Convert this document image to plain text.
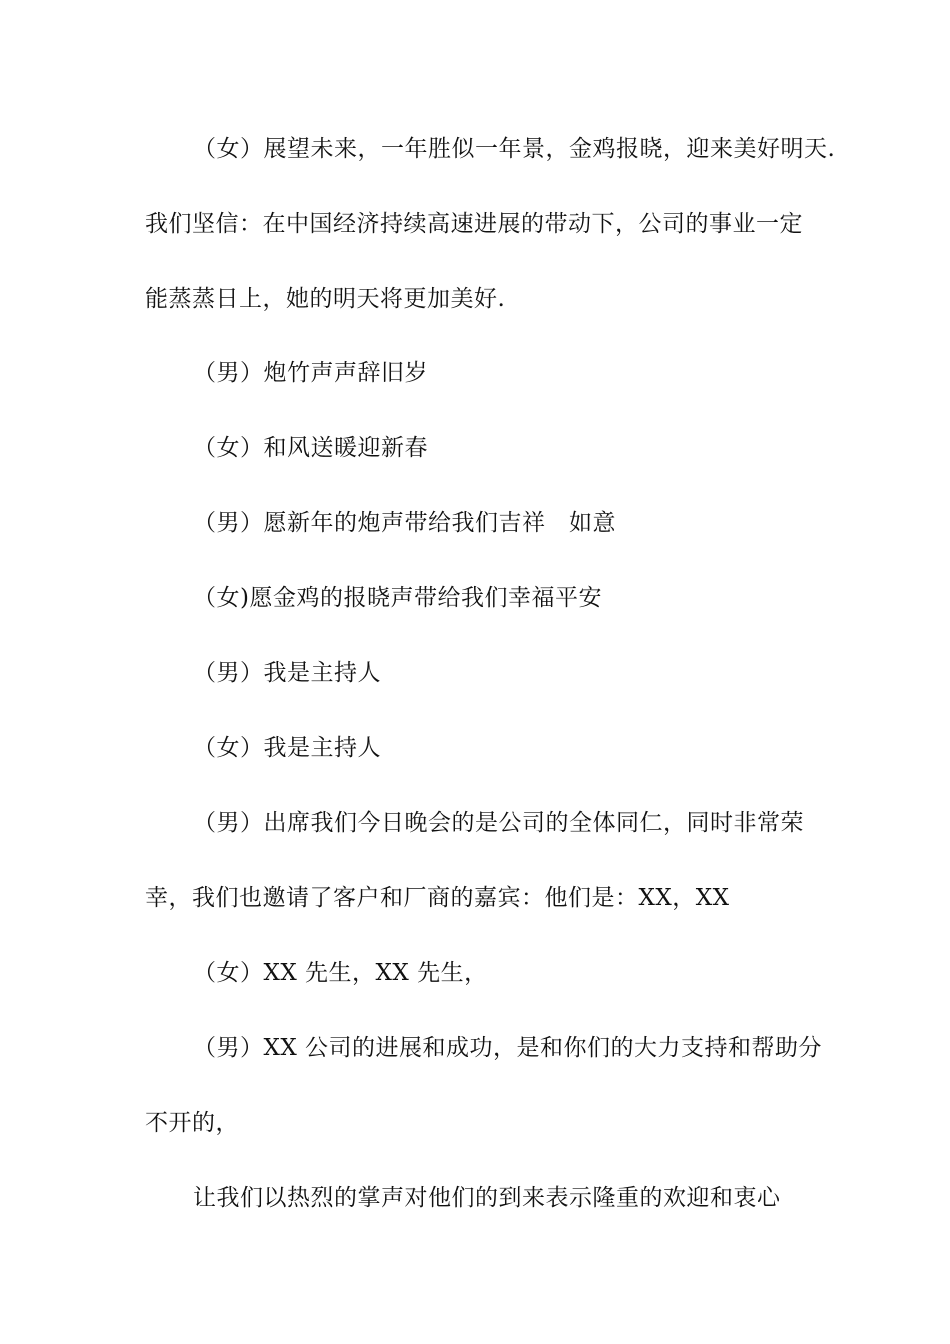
（女）展望未来，一年胜似一年景，金鸡报晓，迎来美好明天.
我们坚信：在中国经济持续高速进展的带动下，公司的事业一定
能蒸蒸日上，她的明天将更加美好.
（男）炮竹声声辞旧岁
（女）和风送暖迎新春
（男）愿新年的炮声带给我们吉祥　如意
（女)愿金鸡的报晓声带给我们幸福平安
（男）我是主持人
（女）我是主持人
（男）出席我们今日晚会的是公司的全体同仁，同时非常荣
幸，我们也邀请了客户和厂商的嘉宾：他们是：XX，XX
（女）XX 先生，XX 先生，
（男）XX 公司的进展和成功，是和你们的大力支持和帮助分
不开的，
让我们以热烈的掌声对他们的到来表示隆重的欢迎和衷心
